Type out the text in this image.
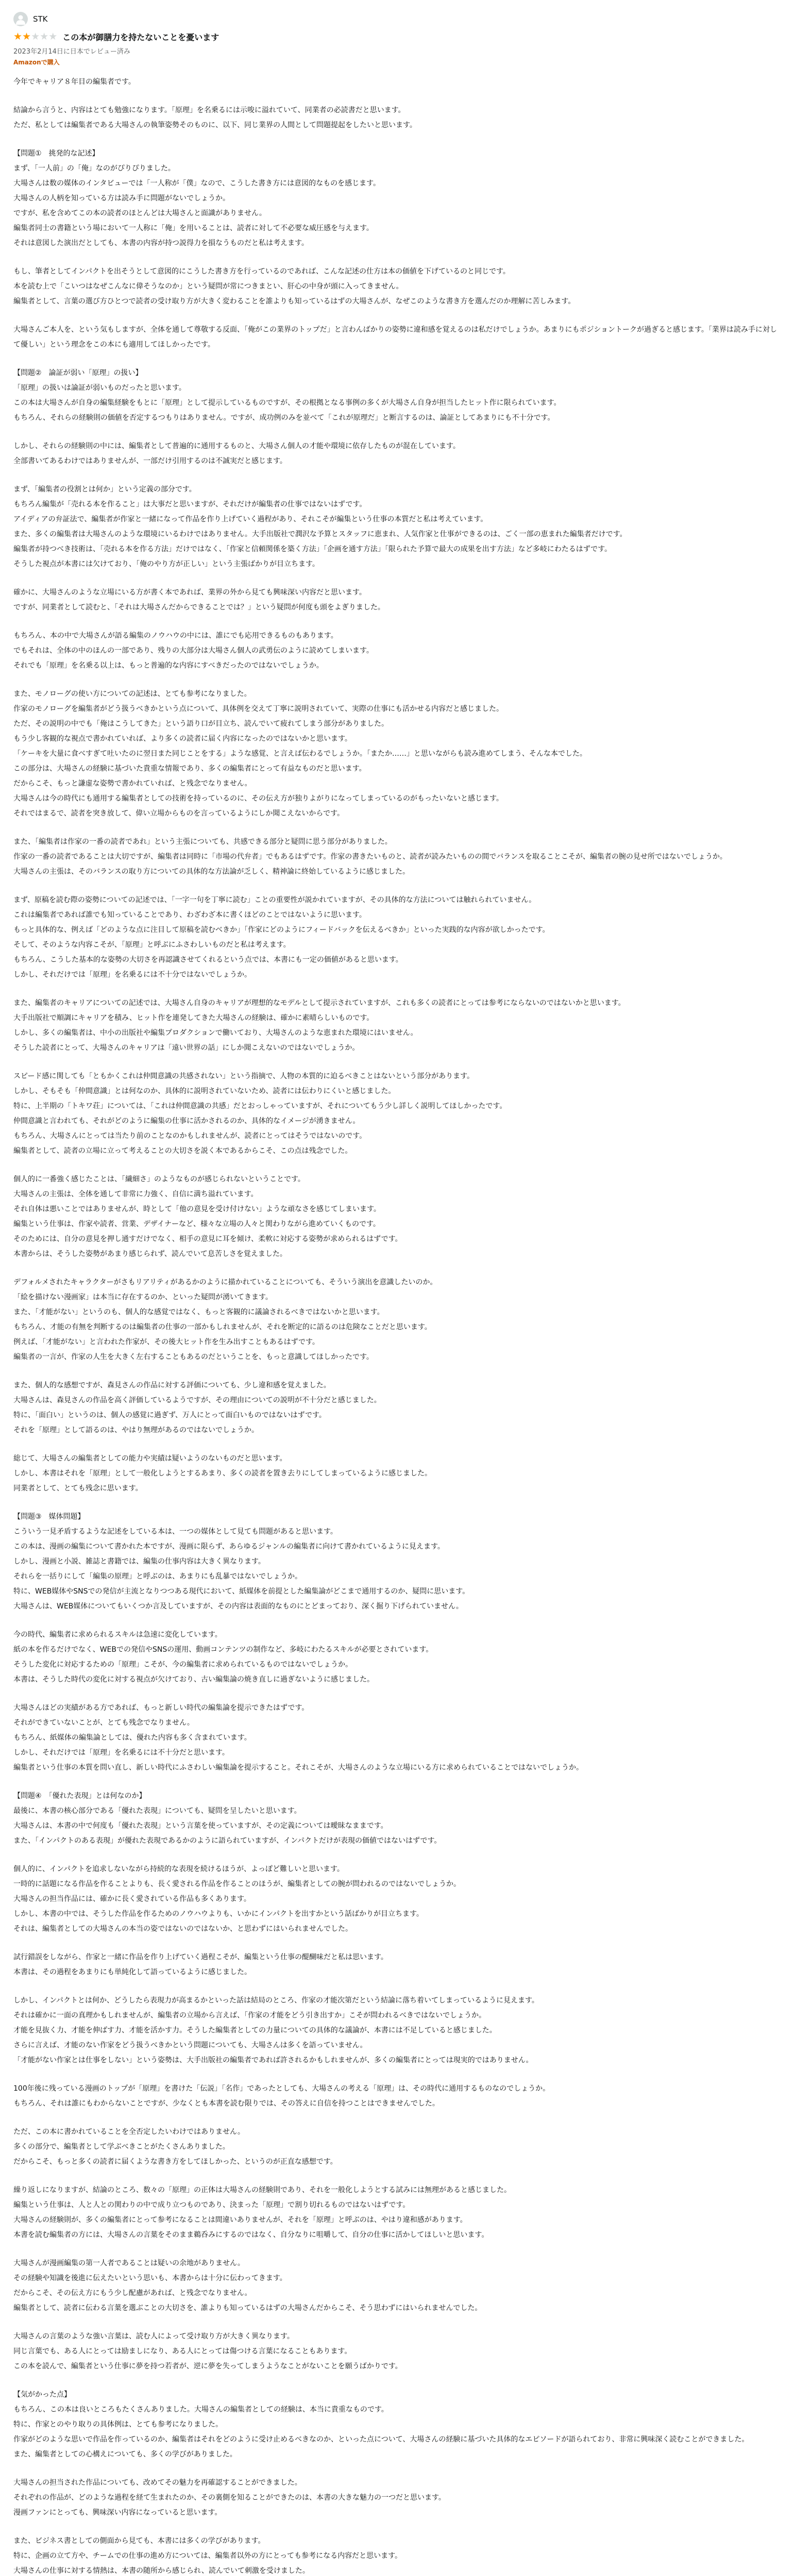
STK
★ ★ ★ ★ ★ この本が御膳力を持たないことを憂います
2023年2月14日に日本でレビュー済み
Amazonで購入

今年でキャリア８年目の編集者です。

結論から言うと、内容はとても勉強になります。「原理」を名乗るには示唆に溢れていて、同業者の必読書だと思います。
ただ、私としては編集者である大場さんの執筆姿勢そのものに、以下、同じ業界の人間として問題提起をしたいと思います。

【問題①　挑発的な記述】
まず、「一人前」の「俺」なのがぴりぴりました。
大場さんは数の媒体のインタビューでは「一人称が「僕」なので、こうした書き方には意図的なものを感じます。
大場さんの人柄を知っている方は読み手に問題がないでしょうか。
ですが、私を含めてこの本の読者のほとんどは大場さんと面識がありません。
編集者同士の書籍という場において一人称に「俺」を用いることは、読者に対して不必要な威圧感を与えます。
それは意図した演出だとしても、本書の内容が持つ説得力を損なうものだと私は考えます。

もし、筆者としてインパクトを出そうとして意図的にこうした書き方を行っているのであれば、こんな記述の仕方は本の価値を下げているのと同じです。
本を読む上で「こいつはなぜこんなに偉そうなのか」という疑問が常につきまとい、肝心の中身が頭に入ってきません。
編集者として、言葉の選び方ひとつで読者の受け取り方が大きく変わることを誰よりも知っているはずの大場さんが、なぜこのような書き方を選んだのか理解に苦しみます。

大場さんご本人を、という気もしますが、全体を通して尊敬する反面、「俺がこの業界のトップだ」と言わんばかりの姿勢に違和感を覚えるのは私だけでしょうか。あまりにもポジショントークが過ぎると感じます。「業界は読み手に対して優しい」という理念をこの本にも適用してほしかったです。

【問題②　論証が弱い「原理」の扱い】
「原理」の扱いは論証が弱いものだったと思います。
この本は大場さんが自身の編集経験をもとに「原理」として提示しているものですが、その根拠となる事例の多くが大場さん自身が担当したヒット作に限られています。
もちろん、それらの経験則の価値を否定するつもりはありません。ですが、成功例のみを並べて「これが原理だ」と断言するのは、論証としてあまりにも不十分です。

しかし、それらの経験則の中には、編集者として普遍的に通用するものと、大場さん個人の才能や環境に依存したものが混在しています。
全部書いてあるわけではありませんが、一部だけ引用するのは不誠実だと感じます。

まず、「編集者の役割とは何か」という定義の部分です。
もちろん編集が「売れる本を作ること」は大事だと思いますが、それだけが編集者の仕事ではないはずです。
アイディアの弁証法で、編集者が作家と一緒になって作品を作り上げていく過程があり、それこそが編集という仕事の本質だと私は考えています。
また、多くの編集者は大場さんのような環境にいるわけではありません。大手出版社で潤沢な予算とスタッフに恵まれ、人気作家と仕事ができるのは、ごく一部の恵まれた編集者だけです。
編集者が持つべき技術は、「売れる本を作る方法」だけではなく、「作家と信頼関係を築く方法」「企画を通す方法」「限られた予算で最大の成果を出す方法」など多岐にわたるはずです。
そうした視点が本書には欠けており、「俺のやり方が正しい」という主張ばかりが目立ちます。

確かに、大場さんのような立場にいる方が書く本であれば、業界の外から見ても興味深い内容だと思います。
ですが、同業者として読むと、「それは大場さんだからできることでは？」という疑問が何度も頭をよぎりました。

もちろん、本の中で大場さんが語る編集のノウハウの中には、誰にでも応用できるものもあります。
でもそれは、全体の中のほんの一部であり、残りの大部分は大場さん個人の武勇伝のように読めてしまいます。
それでも「原理」を名乗る以上は、もっと普遍的な内容にすべきだったのではないでしょうか。

また、モノローグの使い方についての記述は、とても参考になりました。
作家のモノローグを編集者がどう扱うべきかという点について、具体例を交えて丁寧に説明されていて、実際の仕事にも活かせる内容だと感じました。
ただ、その説明の中でも「俺はこうしてきた」という語り口が目立ち、読んでいて疲れてしまう部分がありました。
もう少し客観的な視点で書かれていれば、より多くの読者に届く内容になったのではないかと思います。
「ケーキを大量に食べすぎて吐いたのに翌日また同じことをする」ような感覚、と言えば伝わるでしょうか。「またか……」と思いながらも読み進めてしまう、そんな本でした。
この部分は、大場さんの経験に基づいた貴重な情報であり、多くの編集者にとって有益なものだと思います。
だからこそ、もっと謙虚な姿勢で書かれていれば、と残念でなりません。
大場さんは今の時代にも通用する編集者としての技術を持っているのに、その伝え方が独りよがりになってしまっているのがもったいないと感じます。
それではまるで、読者を突き放して、偉い立場からものを言っているようにしか聞こえないからです。

また、「編集者は作家の一番の読者であれ」という主張についても、共感できる部分と疑問に思う部分がありました。
作家の一番の読者であることは大切ですが、編集者は同時に「市場の代弁者」でもあるはずです。作家の書きたいものと、読者が読みたいものの間でバランスを取ることこそが、編集者の腕の見せ所ではないでしょうか。
大場さんの主張は、そのバランスの取り方についての具体的な方法論が乏しく、精神論に終始しているように感じました。

まず、原稿を読む際の姿勢についての記述では、「一字一句を丁寧に読む」ことの重要性が説かれていますが、その具体的な方法については触れられていません。
これは編集者であれば誰でも知っていることであり、わざわざ本に書くほどのことではないように思います。
もっと具体的な、例えば「どのような点に注目して原稿を読むべきか」「作家にどのようにフィードバックを伝えるべきか」といった実践的な内容が欲しかったです。
そして、そのような内容こそが、「原理」と呼ぶにふさわしいものだと私は考えます。
もちろん、こうした基本的な姿勢の大切さを再認識させてくれるという点では、本書にも一定の価値があると思います。
しかし、それだけでは「原理」を名乗るには不十分ではないでしょうか。

また、編集者のキャリアについての記述では、大場さん自身のキャリアが理想的なモデルとして提示されていますが、これも多くの読者にとっては参考にならないのではないかと思います。
大手出版社で順調にキャリアを積み、ヒット作を連発してきた大場さんの経験は、確かに素晴らしいものです。
しかし、多くの編集者は、中小の出版社や編集プロダクションで働いており、大場さんのような恵まれた環境にはいません。
そうした読者にとって、大場さんのキャリアは「遠い世界の話」にしか聞こえないのではないでしょうか。

スピード感に関しても「ともかくこれは仲間意識の共感されない」という指摘で、人物の本質的に迫るべきことはないという部分があります。
しかし、そもそも「仲間意識」とは何なのか、具体的に説明されていないため、読者には伝わりにくいと感じました。
特に、上半期の「トキワ荘」については、「これは仲間意識の共感」だとおっしゃっていますが、それについてもう少し詳しく説明してほしかったです。
仲間意識と言われても、それがどのように編集の仕事に活かされるのか、具体的なイメージが湧きません。
もちろん、大場さんにとっては当たり前のことなのかもしれませんが、読者にとってはそうではないのです。
編集者として、読者の立場に立って考えることの大切さを説く本であるからこそ、この点は残念でした。

個人的に一番強く感じたことは、「繊細さ」のようなものが感じられないということです。
大場さんの主張は、全体を通して非常に力強く、自信に満ち溢れています。
それ自体は悪いことではありませんが、時として「他の意見を受け付けない」ような頑なさを感じてしまいます。
編集という仕事は、作家や読者、営業、デザイナーなど、様々な立場の人々と関わりながら進めていくものです。
そのためには、自分の意見を押し通すだけでなく、相手の意見に耳を傾け、柔軟に対応する姿勢が求められるはずです。
本書からは、そうした姿勢があまり感じられず、読んでいて息苦しさを覚えました。

デフォルメされたキャラクターがさもリアリティがあるかのように描かれていることについても、そういう演出を意識したいのか。
「絵を描けない漫画家」は本当に存在するのか、といった疑問が湧いてきます。
また、「才能がない」というのも、個人的な感覚ではなく、もっと客観的に議論されるべきではないかと思います。
もちろん、才能の有無を判断するのは編集者の仕事の一部かもしれませんが、それを断定的に語るのは危険なことだと思います。
例えば、「才能がない」と言われた作家が、その後大ヒット作を生み出すこともあるはずです。
編集者の一言が、作家の人生を大きく左右することもあるのだということを、もっと意識してほしかったです。

また、個人的な感想ですが、森見さんの作品に対する評価についても、少し違和感を覚えました。
大場さんは、森見さんの作品を高く評価しているようですが、その理由についての説明が不十分だと感じました。
特に、「面白い」というのは、個人の感覚に過ぎず、万人にとって面白いものではないはずです。
それを「原理」として語るのは、やはり無理があるのではないでしょうか。

総じて、大場さんの編集者としての能力や実績は疑いようのないものだと思います。
しかし、本書はそれを「原理」として一般化しようとするあまり、多くの読者を置き去りにしてしまっているように感じました。
同業者として、とても残念に思います。

【問題③　媒体問題】
こういう一見矛盾するような記述をしている本は、一つの媒体として見ても問題があると思います。
この本は、漫画の編集について書かれた本ですが、漫画に限らず、あらゆるジャンルの編集者に向けて書かれているように見えます。
しかし、漫画と小説、雑誌と書籍では、編集の仕事内容は大きく異なります。
それらを一括りにして「編集の原理」と呼ぶのは、あまりにも乱暴ではないでしょうか。
特に、WEB媒体やSNSでの発信が主流となりつつある現代において、紙媒体を前提とした編集論がどこまで通用するのか、疑問に思います。
大場さんは、WEB媒体についてもいくつか言及していますが、その内容は表面的なものにとどまっており、深く掘り下げられていません。

今の時代、編集者に求められるスキルは急速に変化しています。
紙の本を作るだけでなく、WEBでの発信やSNSの運用、動画コンテンツの制作など、多岐にわたるスキルが必要とされています。
そうした変化に対応するための「原理」こそが、今の編集者に求められているものではないでしょうか。
本書は、そうした時代の変化に対する視点が欠けており、古い編集論の焼き直しに過ぎないように感じました。

大場さんほどの実績がある方であれば、もっと新しい時代の編集論を提示できたはずです。
それができていないことが、とても残念でなりません。
もちろん、紙媒体の編集論としては、優れた内容も多く含まれています。
しかし、それだけでは「原理」を名乗るには不十分だと思います。
編集者という仕事の本質を問い直し、新しい時代にふさわしい編集論を提示すること。それこそが、大場さんのような立場にいる方に求められていることではないでしょうか。

【問題④　「優れた表現」とは何なのか】
最後に、本書の核心部分である「優れた表現」についても、疑問を呈したいと思います。
大場さんは、本書の中で何度も「優れた表現」という言葉を使っていますが、その定義については曖昧なままです。
また、「インパクトのある表現」が優れた表現であるかのように語られていますが、インパクトだけが表現の価値ではないはずです。

個人的に、インパクトを追求しないながら持続的な表現を続けるほうが、よっぽど難しいと思います。
一時的に話題になる作品を作ることよりも、長く愛される作品を作ることのほうが、編集者としての腕が問われるのではないでしょうか。
大場さんの担当作品には、確かに長く愛されている作品も多くあります。
しかし、本書の中では、そうした作品を作るためのノウハウよりも、いかにインパクトを出すかという話ばかりが目立ちます。
それは、編集者としての大場さんの本当の姿ではないのではないか、と思わずにはいられませんでした。

試行錯誤をしながら、作家と一緒に作品を作り上げていく過程こそが、編集という仕事の醍醐味だと私は思います。
本書は、その過程をあまりにも単純化して語っているように感じました。

しかし、インパクトとは何か、どうしたら表現力が高まるかといった話は結局のところ、作家の才能次第だという結論に落ち着いてしまっているように見えます。
それは確かに一面の真理かもしれませんが、編集者の立場から言えば、「作家の才能をどう引き出すか」こそが問われるべきではないでしょうか。
才能を見抜く力、才能を伸ばす力、才能を活かす力。そうした編集者としての力量についての具体的な議論が、本書には不足していると感じました。
さらに言えば、才能のない作家をどう扱うべきかという問題についても、大場さんは多くを語っていません。
「才能がない作家とは仕事をしない」という姿勢は、大手出版社の編集者であれば許されるかもしれませんが、多くの編集者にとっては現実的ではありません。

100年後に残っている漫画のトップが「原理」を書けた「伝説」「名作」であったとしても、大場さんの考える「原理」は、その時代に通用するものなのでしょうか。
もちろん、それは誰にもわからないことですが、少なくとも本書を読む限りでは、その答えに自信を持つことはできませんでした。

ただ、この本に書かれていることを全否定したいわけではありません。
多くの部分で、編集者として学ぶべきことがたくさんありました。
だからこそ、もっと多くの読者に届くような書き方をしてほしかった、というのが正直な感想です。

繰り返しになりますが、結論のところ、数々の「原理」の正体は大場さんの経験則であり、それを一般化しようとする試みには無理があると感じました。
編集という仕事は、人と人との関わりの中で成り立つものであり、決まった「原理」で割り切れるものではないはずです。
大場さんの経験則が、多くの編集者にとって参考になることは間違いありませんが、それを「原理」と呼ぶのは、やはり違和感があります。
本書を読む編集者の方には、大場さんの言葉をそのまま鵜呑みにするのではなく、自分なりに咀嚼して、自分の仕事に活かしてほしいと思います。

大場さんが漫画編集の第一人者であることは疑いの余地がありません。
その経験や知識を後進に伝えたいという思いも、本書からは十分に伝わってきます。
だからこそ、その伝え方にもう少し配慮があれば、と残念でなりません。
編集者として、読者に伝わる言葉を選ぶことの大切さを、誰よりも知っているはずの大場さんだからこそ、そう思わずにはいられませんでした。

大場さんの言葉のような強い言葉は、読む人によって受け取り方が大きく異なります。
同じ言葉でも、ある人にとっては励ましになり、ある人にとっては傷つける言葉になることもあります。
この本を読んで、編集者という仕事に夢を持つ若者が、逆に夢を失ってしまうようなことがないことを願うばかりです。

【気がかった点】
もちろん、この本は良いところもたくさんありました。大場さんの編集者としての経験は、本当に貴重なものです。
特に、作家とのやり取りの具体例は、とても参考になりました。
作家がどのような思いで作品を作っているのか、編集者はそれをどのように受け止めるべきなのか、といった点について、大場さんの経験に基づいた具体的なエピソードが語られており、非常に興味深く読むことができました。
また、編集者としての心構えについても、多くの学びがありました。

大場さんの担当された作品についても、改めてその魅力を再確認することができました。
それぞれの作品が、どのような過程を経て生まれたのか、その裏側を知ることができたのは、本書の大きな魅力の一つだと思います。
漫画ファンにとっても、興味深い内容になっていると思います。

また、ビジネス書としての側面から見ても、本書には多くの学びがあります。
特に、企画の立て方や、チームでの仕事の進め方については、編集者以外の方にとっても参考になる内容だと思います。
大場さんの仕事に対する情熱は、本書の随所から感じられ、読んでいて刺激を受けました。
